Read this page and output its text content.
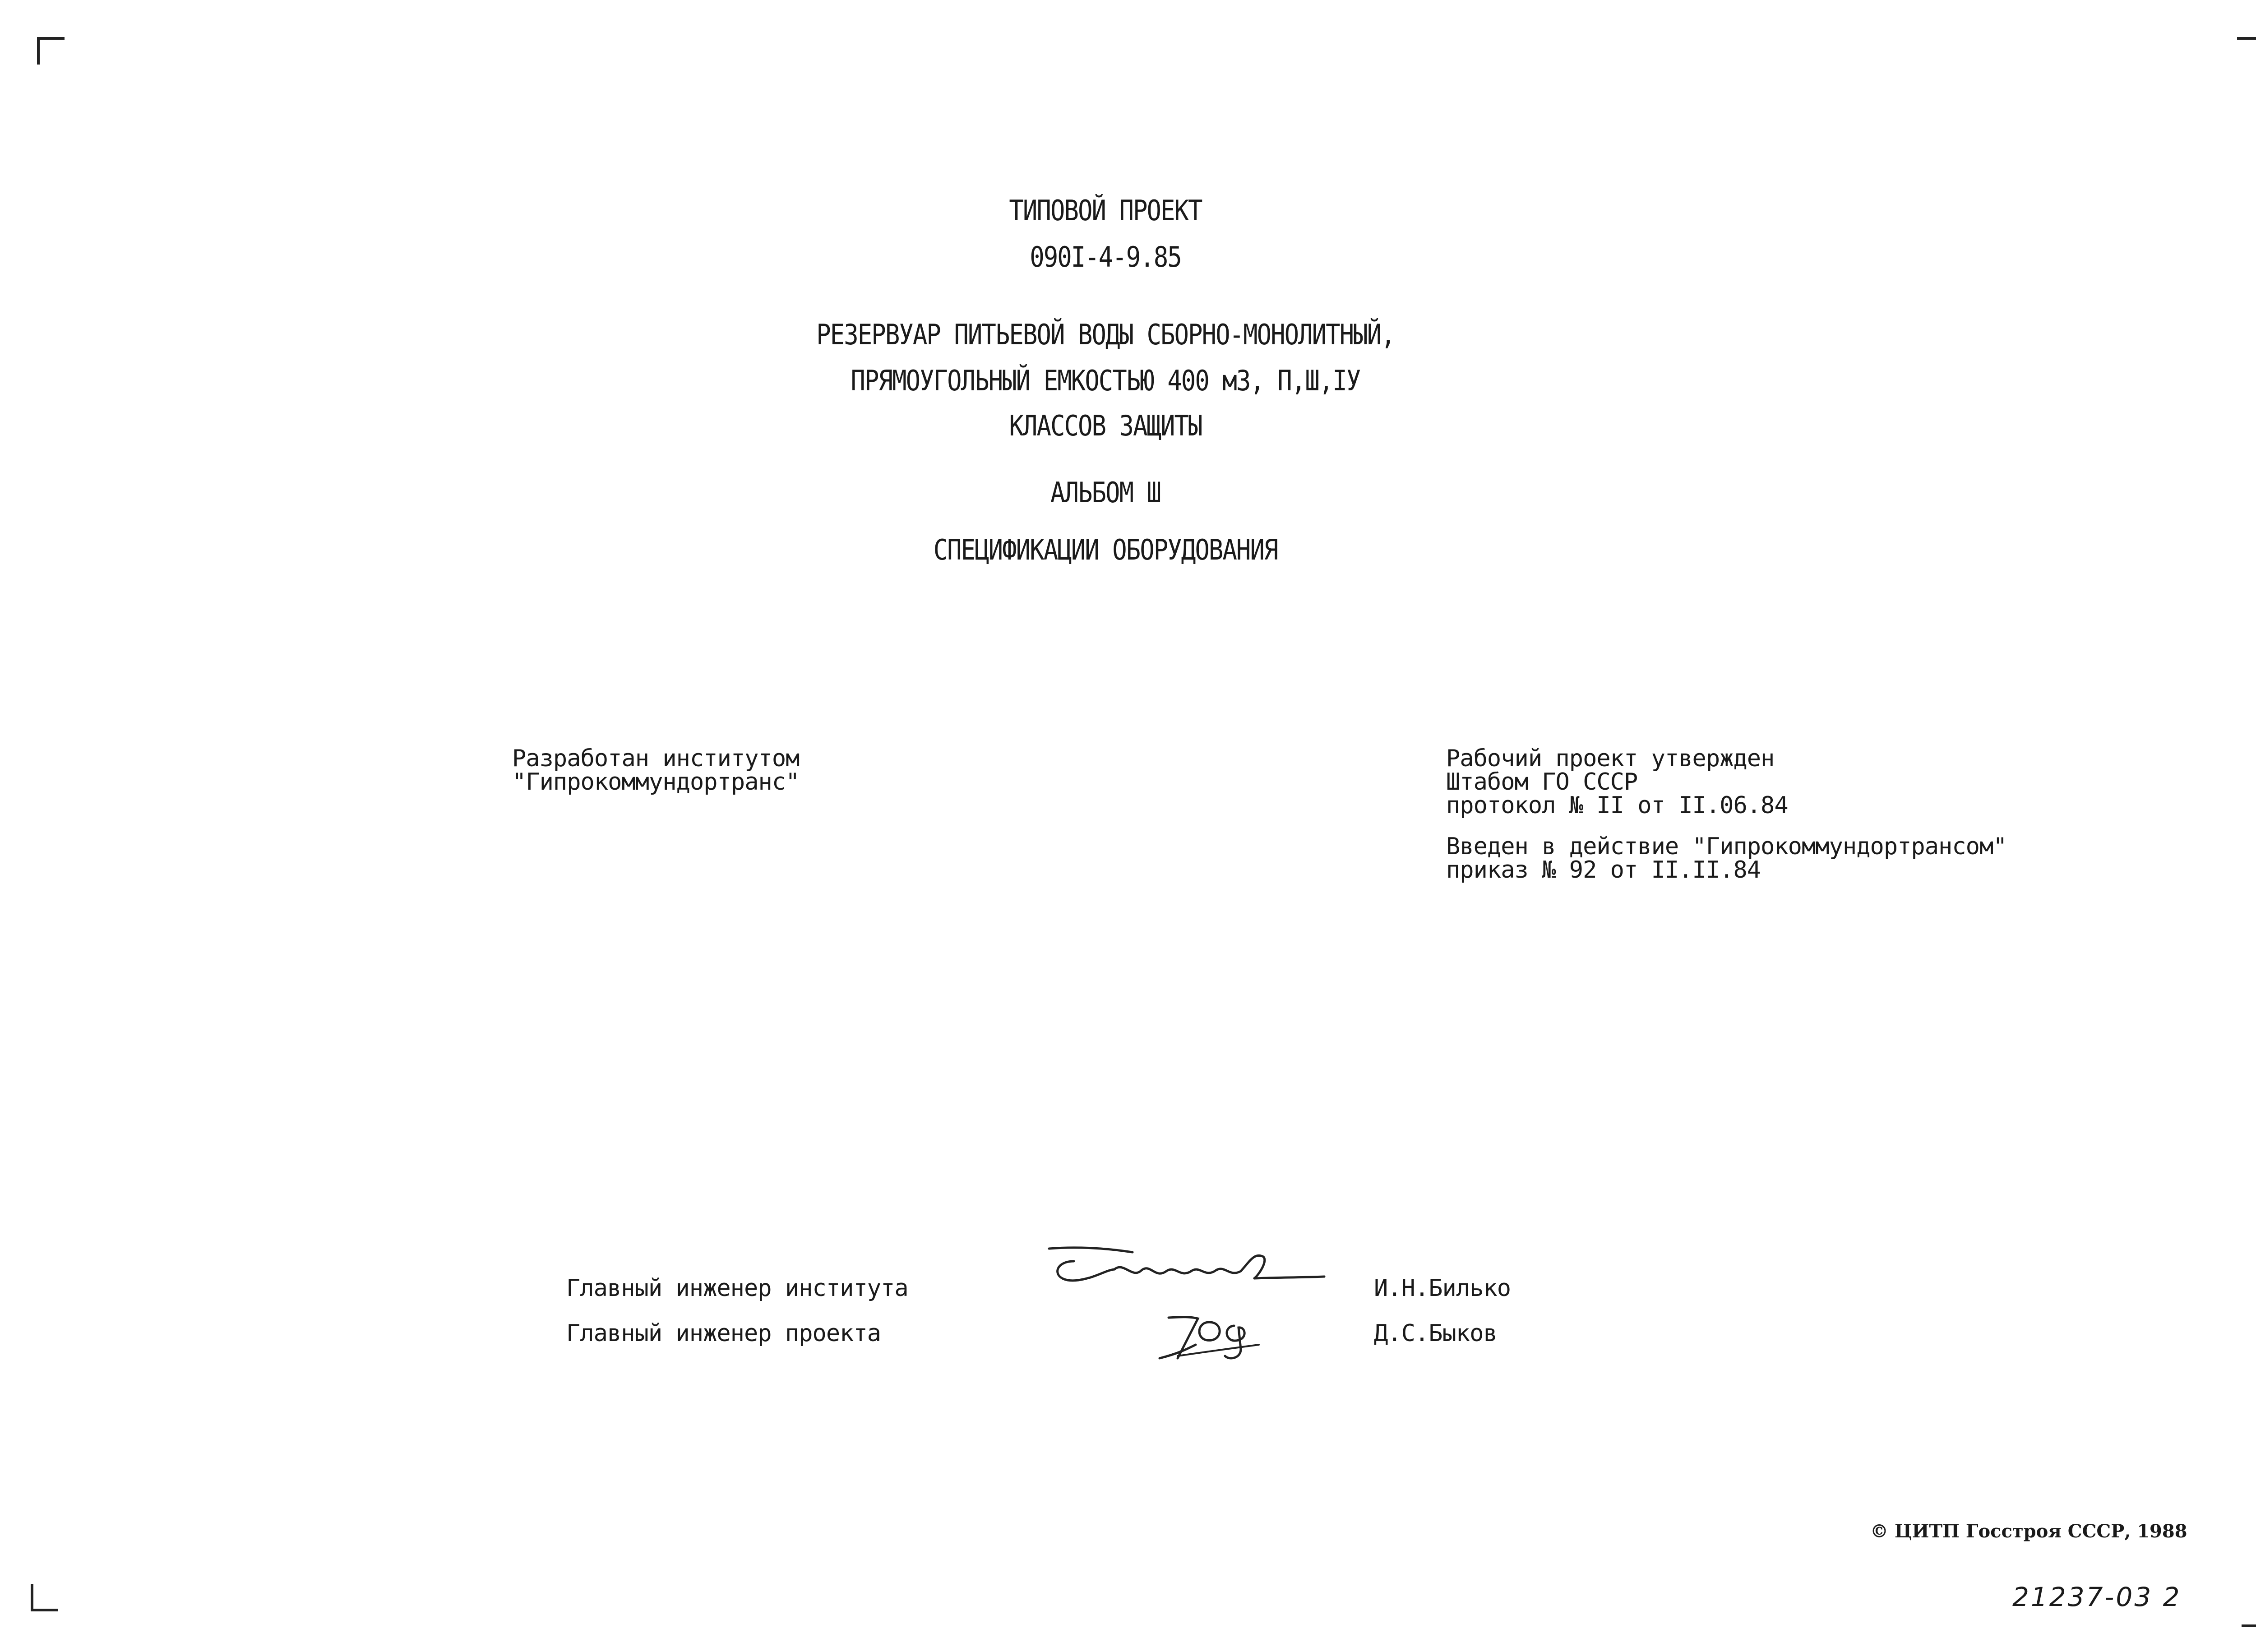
ТИПОВОЙ ПРОЕКТ
090I-4-9.85
РЕЗЕРВУАР ПИТЬЕВОЙ ВОДЫ СБОРНО-МОНОЛИТНЫЙ,
ПРЯМОУГОЛЬНЫЙ ЕМКОСТЬЮ 400 м3, П,Ш,IУ
КЛАССОВ ЗАЩИТЫ
АЛЬБОМ Ш
СПЕЦИФИКАЦИИ ОБОРУДОВАНИЯ
Разработан институтом
"Гипрокоммундортранс"
Рабочий проект утвержден
Штабом ГО СССР
протокол № II от II.06.84
Введен в действие "Гипрокоммундортрансом"
приказ № 92 от II.II.84
Главный инженер института
Главный инженер проекта
И.Н.Билько
Д.С.Быков
© ЦИТП Госстроя СССР, 1988
21237-03 2
